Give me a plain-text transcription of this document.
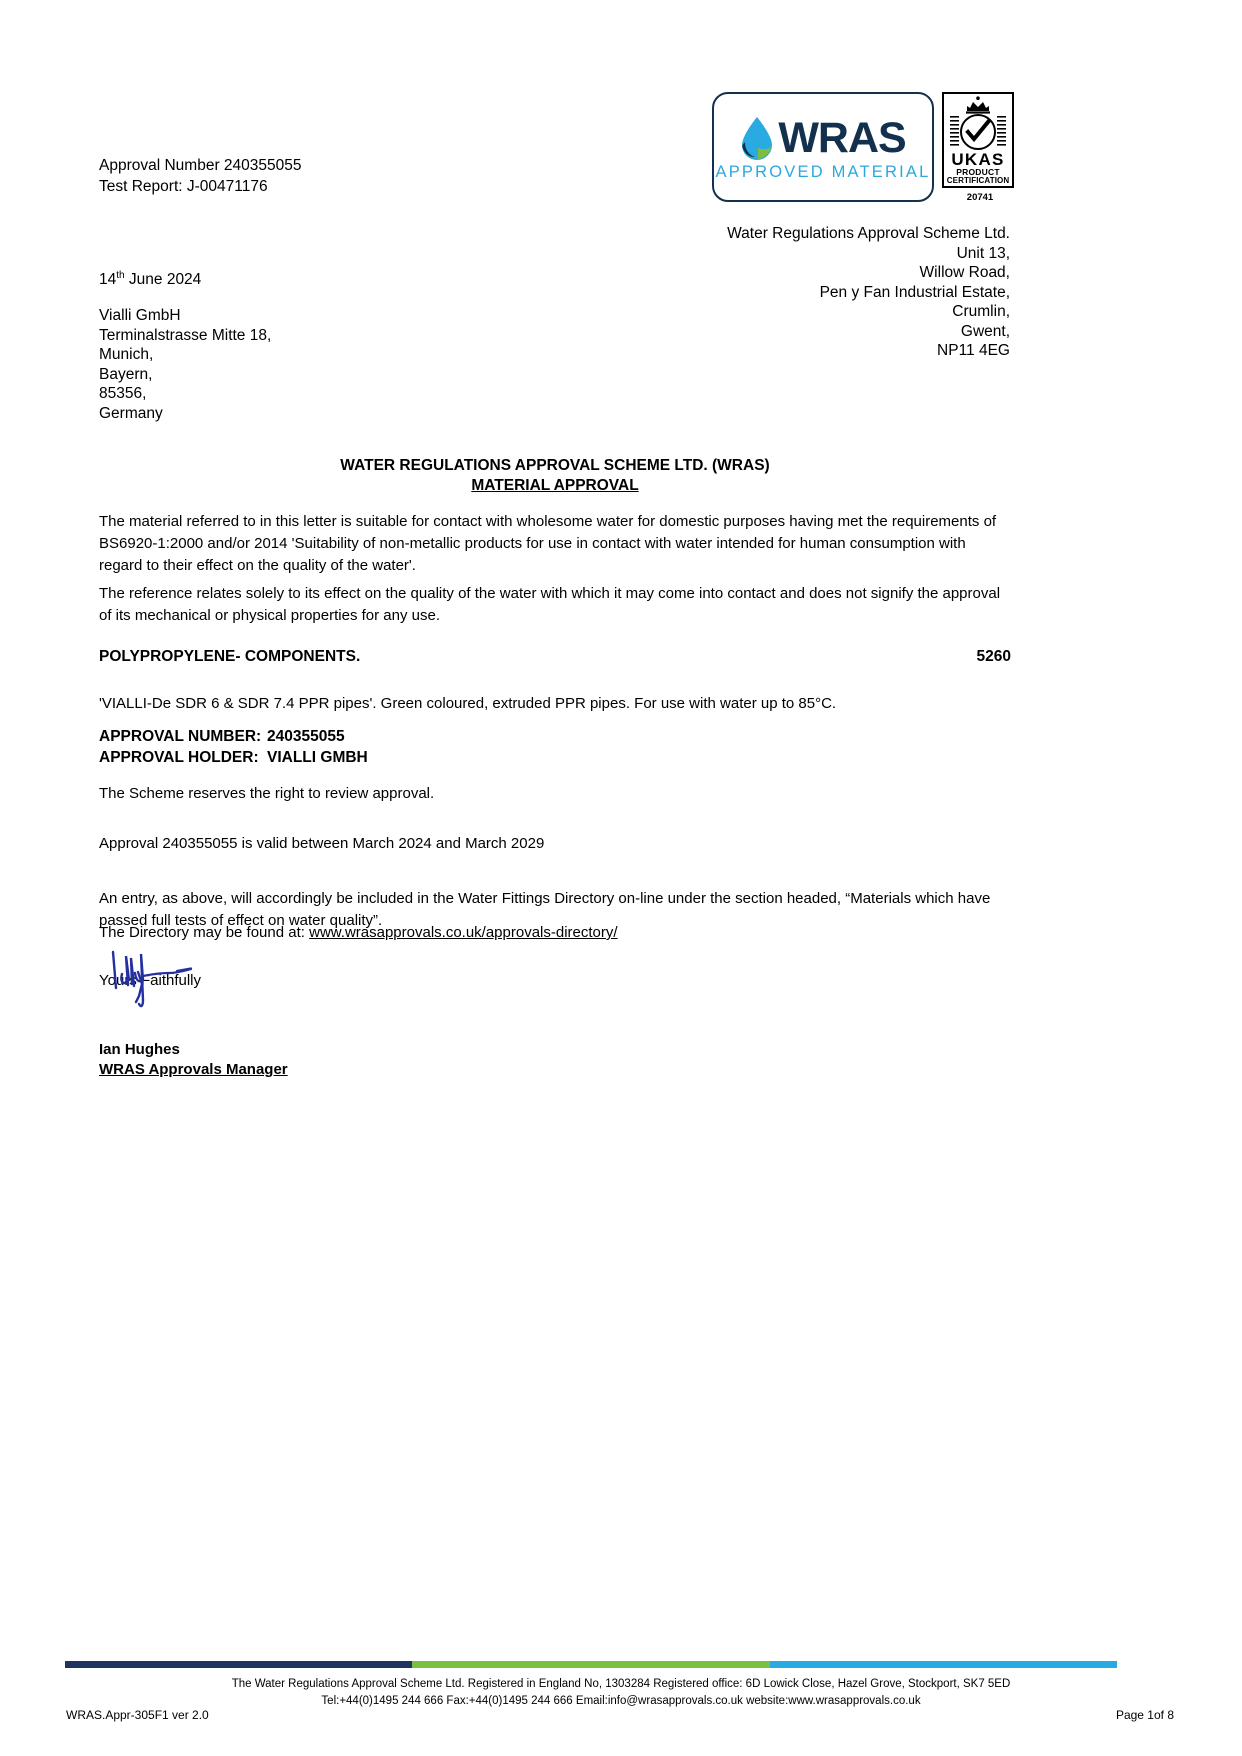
WRAS
APPROVED MATERIAL
UKAS
PRODUCT
CERTIFICATION
20741
Approval Number 240355055
Test Report: J-00471176
Water Regulations Approval Scheme Ltd.
Unit 13,
Willow Road,
Pen y Fan Industrial Estate,
Crumlin,
Gwent,
NP11 4EG
14th June 2024
Vialli GmbH
Terminalstrasse Mitte 18,
Munich,
Bayern,
85356,
Germany
WATER REGULATIONS APPROVAL SCHEME LTD. (WRAS)
MATERIAL APPROVAL
The material referred to in this letter is suitable for contact with wholesome water for domestic purposes having met the requirements of BS6920-1:2000 and/or 2014 'Suitability of non-metallic products for use in contact with water intended for human consumption with regard to their effect on the quality of the water'.
The reference relates solely to its effect on the quality of the water with which it may come into contact and does not signify the approval of its mechanical or physical properties for any use.
POLYPROPYLENE- COMPONENTS.	5260
'VIALLI-De SDR 6 & SDR 7.4 PPR pipes'. Green coloured, extruded PPR pipes. For use with water up to 85°C.
APPROVAL NUMBER: 240355055
APPROVAL HOLDER: VIALLI GMBH
The Scheme reserves the right to review approval.
Approval 240355055 is valid between March 2024 and March 2029
An entry, as above, will accordingly be included in the Water Fittings Directory on-line under the section headed, “Materials which have passed full tests of effect on water quality”.
The Directory may be found at: www.wrasapprovals.co.uk/approvals-directory/
Yours Faithfully
Ian Hughes
WRAS Approvals Manager
The Water Regulations Approval Scheme Ltd. Registered in England No, 1303284 Registered office: 6D Lowick Close, Hazel Grove, Stockport, SK7 5ED
Tel:+44(0)1495 244 666 Fax:+44(0)1495 244 666 Email:info@wrasapprovals.co.uk website:www.wrasapprovals.co.uk
WRAS.Appr-305F1 ver 2.0	Page 1of 8
